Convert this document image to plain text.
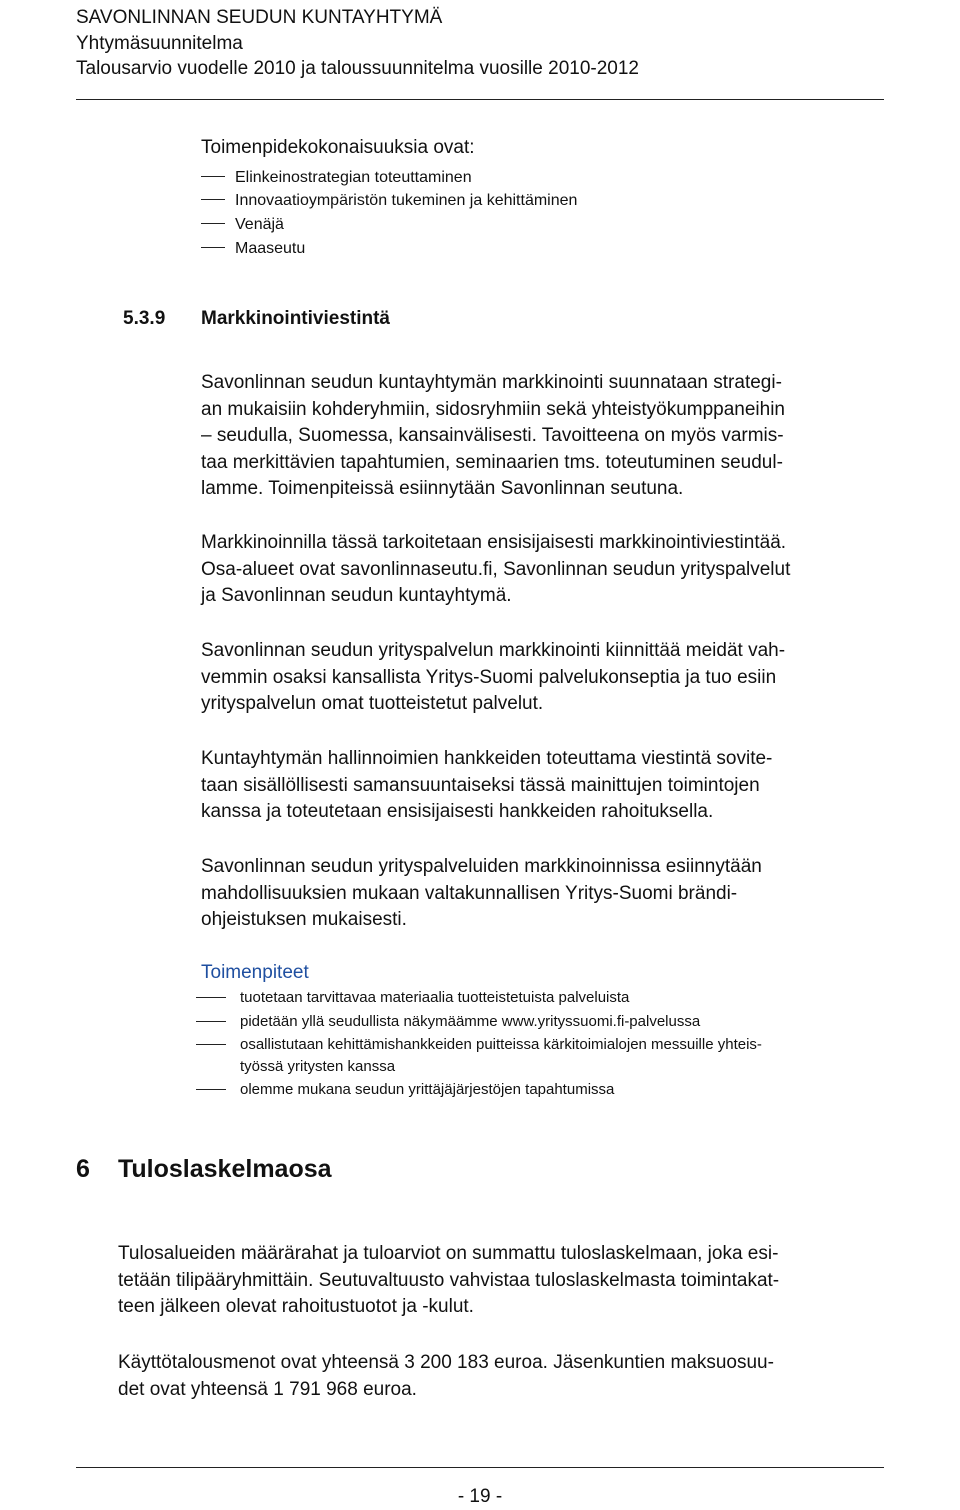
SAVONLINNAN SEUDUN KUNTAYHTYMÄ
Yhtymäsuunnitelma
Talousarvio vuodelle 2010 ja taloussuunnitelma vuosille 2010-2012
Toimenpidekokonaisuuksia ovat:
Elinkeinostrategian toteuttaminen
Innovaatioympäristön tukeminen ja kehittäminen
Venäjä
Maaseutu
5.3.9 Markkinointiviestintä
Savonlinnan seudun kuntayhtymän markkinointi suunnataan strategi-
an mukaisiin kohderyhmiin, sidosryhmiin sekä yhteistyökumppaneihin
– seudulla, Suomessa, kansainvälisesti. Tavoitteena on myös varmis-
taa merkittävien tapahtumien, seminaarien tms. toteutuminen seudul-
lamme. Toimenpiteissä esiinnytään Savonlinnan seutuna.
Markkinoinnilla tässä tarkoitetaan ensisijaisesti markkinointiviestintää.
Osa-alueet ovat savonlinnaseutu.fi, Savonlinnan seudun yrityspalvelut
ja Savonlinnan seudun kuntayhtymä.
Savonlinnan seudun yrityspalvelun markkinointi kiinnittää meidät vah-
vemmin osaksi kansallista Yritys-Suomi palvelukonseptia ja tuo esiin
yrityspalvelun omat tuotteistetut palvelut.
Kuntayhtymän hallinnoimien hankkeiden toteuttama viestintä sovite-
taan sisällöllisesti samansuuntaiseksi tässä mainittujen toimintojen
kanssa ja toteutetaan ensisijaisesti hankkeiden rahoituksella.
Savonlinnan seudun yrityspalveluiden markkinoinnissa esiinnytään
mahdollisuuksien mukaan valtakunnallisen Yritys-Suomi brändi-
ohjeistuksen mukaisesti.
Toimenpiteet
tuotetaan tarvittavaa materiaalia tuotteistetuista palveluista
pidetään yllä seudullista näkymäämme www.yrityssuomi.fi-palvelussa
osallistutaan kehittämishankkeiden puitteissa kärkitoimialojen messuille yhteis-
työssä yritysten kanssa
olemme mukana seudun yrittäjäjärjestöjen tapahtumissa
6 Tuloslaskelmaosa
Tulosalueiden määrärahat ja tuloarviot on summattu tuloslaskelmaan, joka esi-
tetään tilipääryhmittäin. Seutuvaltuusto vahvistaa tuloslaskelmasta toimintakat-
teen jälkeen olevat rahoitustuotot ja -kulut.
Käyttötalousmenot ovat yhteensä 3 200 183 euroa. Jäsenkuntien maksuosuu-
det ovat yhteensä 1 791 968 euroa.
- 19 -
